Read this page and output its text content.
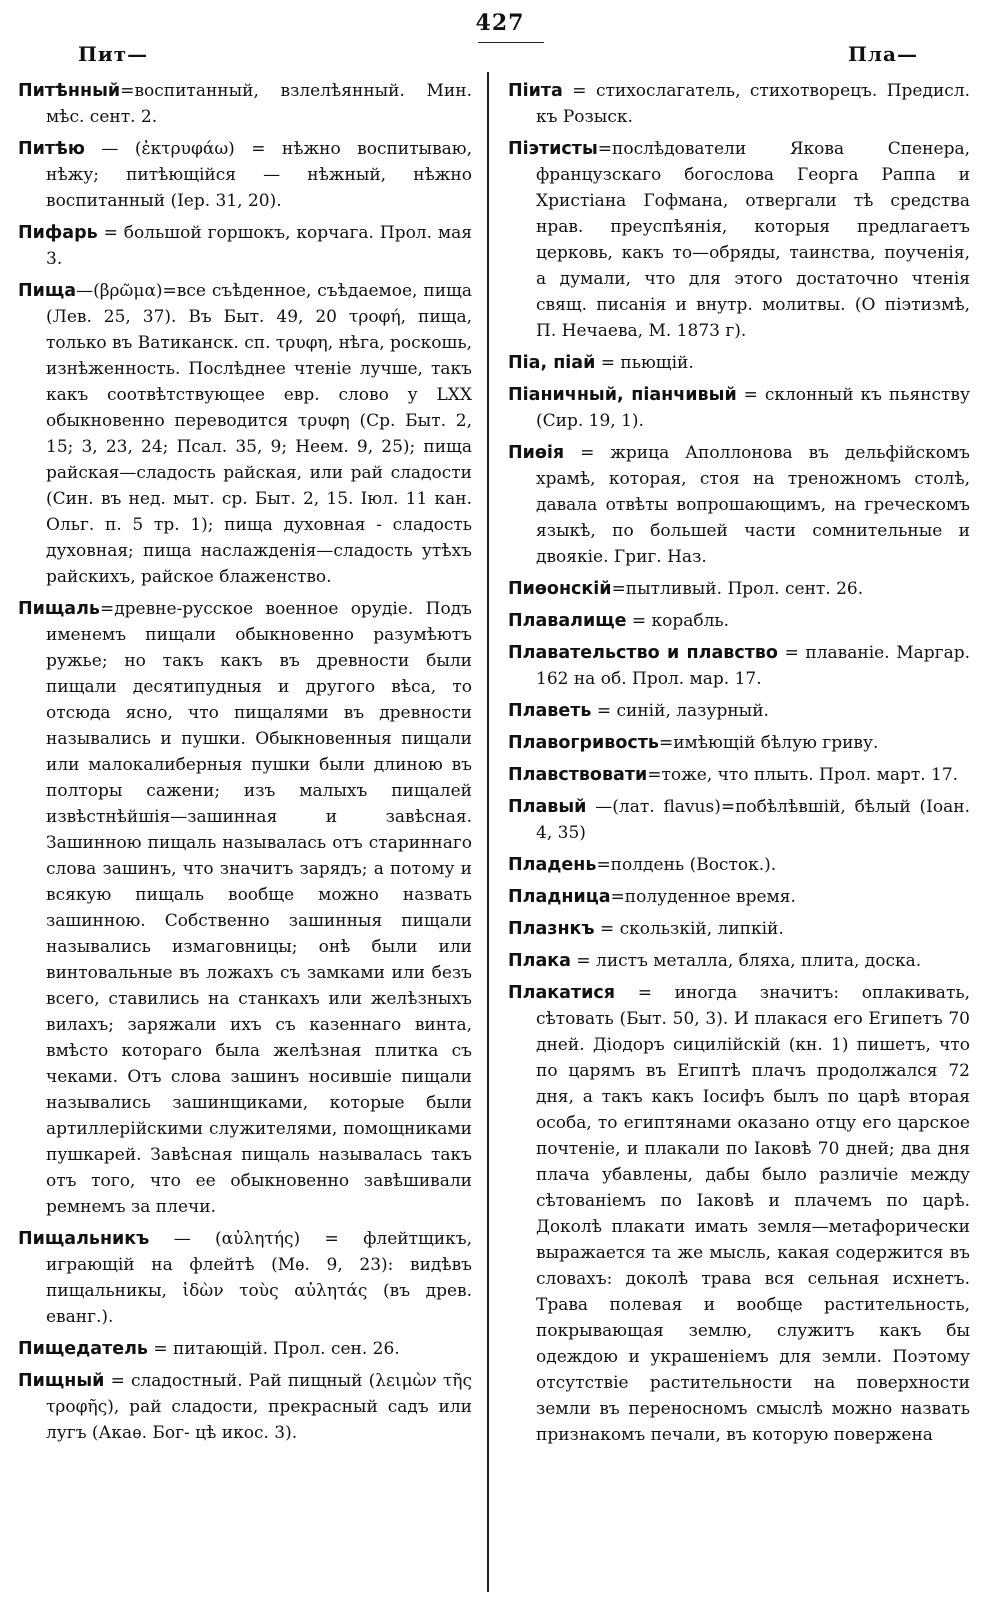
427
Пит—	Пла—

Питѣнный=воспитанный, взлелѣянный. Мин. мѣс. сент. 2.

Питѣю — (ἐκτρυφάω) = нѣжно воспитываю, нѣжу; питѣющійся — нѣжный, нѣжно воспитанный (Iер. 31, 20).

Пифарь = большой горшокъ, корчага. Прол. мая 3.

Пища—(βρῶμα)=все съѣденное, съѣдаемое, пища (Лев. 25, 37). Въ Быт. 49, 20 τροφή, пища, только въ Ватиканск. сп. τρυφη, нѣга, роскошь, изнѣженность. Послѣднее чтеніе лучше, такъ какъ соотвѣтствующее евр. слово у LXX обыкновенно переводится τρυφη (Ср. Быт. 2, 15; 3, 23, 24; Псал. 35, 9; Неем. 9, 25); пища райская—сладость райская, или рай сладости (Син. въ нед. мыт. ср. Быт. 2, 15. Iюл. 11 кан. Ольг. п. 5 тр. 1); пища духовная - сладость духовная; пища наслажденія—сладость утѣхъ райскихъ, райское блаженство.

Пищаль=древне-русское военное орудіе. Подъ именемъ пищали обыкновенно разумѣютъ ружье; но такъ какъ въ древности были пищали десятипудныя и другого вѣса, то отсюда ясно, что пищалями въ древности назывались и пушки. Обыкновенныя пищали или малокалиберныя пушки были длиною въ полторы сажени; изъ малыхъ пищалей извѣстнѣйшія—зашинная и завѣсная. Зашинною пищаль называлась отъ стариннаго слова зашинъ, что значитъ зарядъ; а потому и всякую пищаль вообще можно назвать зашинною. Собственно зашинныя пищали назывались измаговницы; онѣ были или винтовальные въ ложахъ съ замками или безъ всего, ставились на станкахъ или желѣзныхъ вилахъ; заряжали ихъ съ казеннаго винта, вмѣсто котораго была желѣзная плитка съ чеками. Отъ слова зашинъ носившіе пищали назывались зашинщиками, которые были артиллерійскими служителями, помощниками пушкарей. Завѣсная пищаль называлась такъ отъ того, что ее обыкновенно завѣшивали ремнемъ за плечи.

Пищальникъ — (αὐλητής) = флейтщикъ, играющій на флейтѣ (Мѳ. 9, 23): видѣвъ пищальникы, ἰδὼν τοὺς αὐλητάς (въ древ. еванг.).

Пищедатель = питающій. Прол. сен. 26.

Пищный = сладостный. Рай пищный (λειμὼν τῆς τροφῆς), рай сладости, прекрасный садъ или лугъ (Акаѳ. Бог- цѣ икос. 3).

Піита = стихослагатель, стихотворецъ. Предисл. къ Розыск.

Піэтисты=послѣдователи Якова Спенера, французскаго богослова Георга Раппа и Христіана Гофмана, отвергали тѣ средства нрав. преуспѣянія, которыя предлагаетъ церковь, какъ то—обряды, таинства, поученія, а думали, что для этого достаточно чтенія свящ. писанія и внутр. молитвы. (О піэтизмѣ, П. Нечаева, М. 1873 г).

Піа, піай = пьющій.

Піаничный, піанчивый = склонный къ пьянству (Сир. 19, 1).

Пиѳія = жрица Аполлонова въ дельфійскомъ храмѣ, которая, стоя на треножномъ столѣ, давала отвѣты вопрошающимъ, на греческомъ языкѣ, по большей части сомнительные и двоякіе. Григ. Наз.

Пиѳонскій=пытливый. Прол. сент. 26.

Плавалище = корабль.

Плавательство и плавство = плаваніе. Маргар. 162 на об. Прол. мар. 17.

Плаветь = синій, лазурный.

Плавогривость=имѣющій бѣлую гриву.

Плавствовати=тоже, что плыть. Прол. март. 17.

Плавый —(лат. flavus)=побѣлѣвшій, бѣлый (Iоан. 4, 35)

Пладень=полдень (Восток.).

Пладница=полуденное время.

Плазнкъ = скользкій, липкій.

Плака = листъ металла, бляха, плита, доска.

Плакатися = иногда значитъ: оплакивать, сѣтовать (Быт. 50, 3). И плакася его Египетъ 70 дней. Діодоръ сицилійскій (кн. 1) пишетъ, что по царямъ въ Египтѣ плачъ продолжался 72 дня, а такъ какъ Iосифъ былъ по царѣ вторая особа, то египтянами оказано отцу его царское почтеніе, и плакали по Iаковѣ 70 дней; два дня плача убавлены, дабы было различіе между сѣтованіемъ по Iаковѣ и плачемъ по царѣ. Доколѣ плакати имать земля—метафорически выражается та же мысль, какая содержится въ словахъ: доколѣ трава вся сельная исхнетъ. Трава полевая и вообще растительность, покрывающая землю, служитъ какъ бы одеждою и украшеніемъ для земли. Поэтому отсутствіе растительности на поверхности земли въ переносномъ смыслѣ можно назвать признакомъ печали, въ которую повержена
